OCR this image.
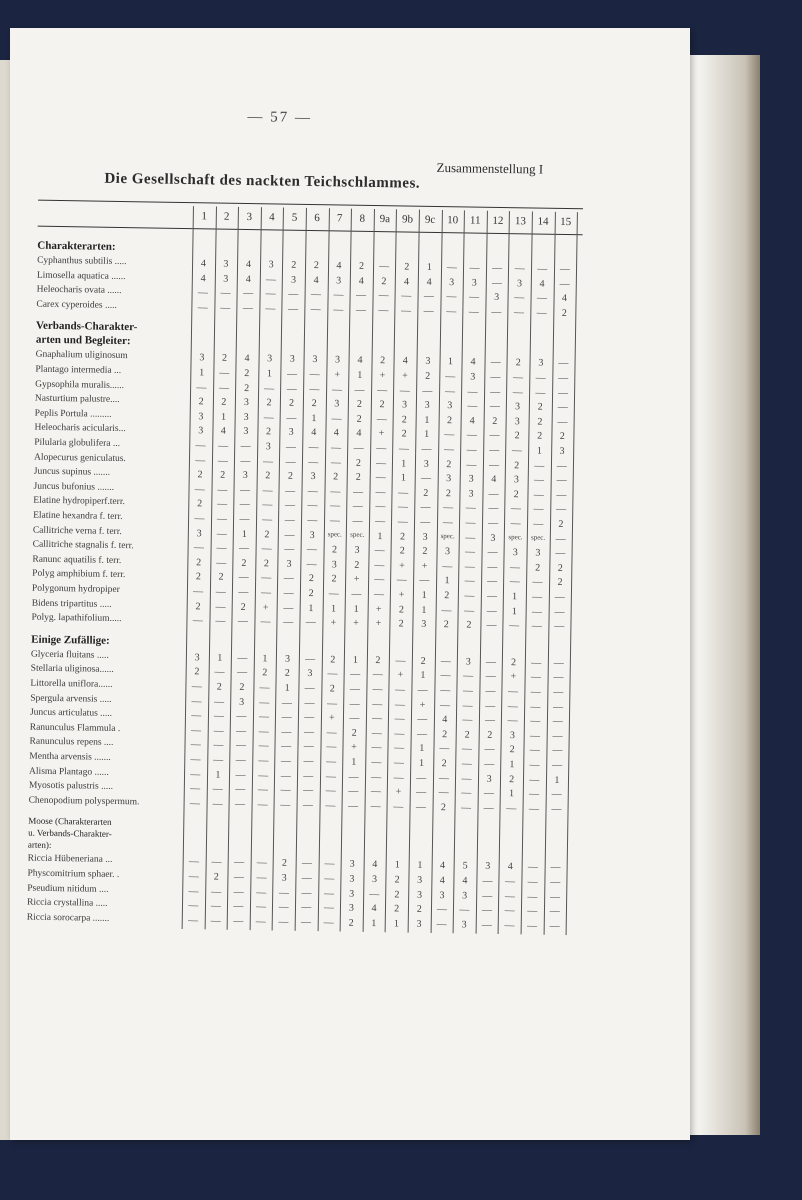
— 57 —
Zusammenstellung I
Die Gesellschaft des nackten Teichschlammes.
1	2	3	4	5	6	7	8	9a	9b	9c	10	11	12	13	14	15
Charakterarten:
Cyphanthus subtilis .....	4	3	4	3	2	2	4	2	—	2	1	—	—	—	—	—	—
Limosella aquatica ......	4	3	4	—	3	4	3	4	2	4	4	3	3	—	3	4	—
Heleocharis ovata ......	—	—	—	—	—	—	—	—	—	—	—	—	—	3	—	—	4
Carex cyperoides .....	—	—	—	—	—	—	—	—	—	—	—	—	—	—	—	—	2
Verbands-Charakter-
arten und Begleiter:
Gnaphalium uliginosum	3	2	4	3	3	3	3	4	2	4	3	1	4	—	2	3	—
Plantago intermedia ...	1	—	2	1	—	—	+	1	+	+	2	—	3	—	—	—	—
Gypsophila muralis......	—	—	2	—	—	—	—	—	—	—	—	—	—	—	—	—	—
Nasturtium palustre....	2	2	3	2	2	2	3	2	2	3	3	3	—	—	3	2	—
Peplis Portula .........	3	1	3	—	—	1	—	2	—	2	1	2	4	2	3	2	—
Heleocharis acicularis...	3	4	3	2	3	4	4	4	+	2	1	—	—	—	2	2	2
Pilularia globulifera ...	—	—	—	3	—	—	—	—	—	—	—	—	—	—	—	1	3
Alopecurus geniculatus.	—	—	—	—	—	—	—	2	—	1	3	2	—	—	2	—	—
Juncus supinus .......	2	2	3	2	2	3	2	2	—	1	—	3	3	4	3	—	—
Juncus bufonius .......	—	—	—	—	—	—	—	—	—	—	2	2	3	—	2	—	—
Elatine hydropiperf.terr.	2	—	—	—	—	—	—	—	—	—	—	—	—	—	—	—	—
Elatine hexandra f. terr.	—	—	—	—	—	—	—	—	—	—	—	—	—	—	—	—	2
Callitriche verna f. terr.	3	—	1	2	—	3	spec.	spec.	1	2	3	spec.	—	3	spec.	spec.	—
Callitriche stagnalis f. terr.	—	—	—	—	—	—	2	3	—	2	2	3	—	—	3	3	—
Ranunc aquatilis f. terr.	2	—	2	2	3	—	3	2	—	+	+	—	—	—	—	2	2
Polyg amphibium f. terr.	2	2	—	—	—	2	2	+	—	—	—	1	—	—	—	—	2
Polygonum hydropiper	—	—	—	—	—	2	—	—	—	+	1	2	—	—	1	—	—
Bidens tripartitus .....	2	—	2	+	—	1	1	1	+	2	1	—	—	—	1	—	—
Polyg. lapathifolium.....	—	—	—	—	—	—	+	+	+	2	3	2	2	—	—	—	—
Einige Zufällige:
Glyceria fluitans .....	3	1	—	1	3	—	2	1	2	—	2	—	3	—	2	—	—
Stellaria uliginosa......	2	—	—	2	2	3	—	—	—	+	1	—	—	—	+	—	—
Littorella uniflora......	—	2	2	—	1	—	2	—	—	—	—	—	—	—	—	—	—
Spergula arvensis .....	—	—	3	—	—	—	—	—	—	—	+	—	—	—	—	—	—
Juncus articulatus .....	—	—	—	—	—	—	+	—	—	—	—	4	—	—	—	—	—
Ranunculus Flammula .	—	—	—	—	—	—	—	2	—	—	—	2	2	2	3	—	—
Ranunculus repens ....	—	—	—	—	—	—	—	+	—	—	1	—	—	—	2	—	—
Mentha arvensis .......	—	—	—	—	—	—	—	1	—	—	1	2	—	—	1	—	—
Alisma Plantago ......	—	1	—	—	—	—	—	—	—	—	—	—	—	3	2	—	1
Myosotis palustris .....	—	—	—	—	—	—	—	—	—	+	—	—	—	—	1	—	—
Chenopodium polyspermum.	—	—	—	—	—	—	—	—	—	—	—	2	—	—	—	—	—
Moose (Charakterarten
u. Verbands-Charakter-
arten):
Riccia Hübeneriana ...	—	—	—	—	2	—	—	3	4	1	1	4	5	3	4	—	—
Physcomitrium sphaer. .	—	2	—	—	3	—	—	3	3	2	3	4	4	—	—	—	—
Pseudium nitidum ....	—	—	—	—	—	—	—	3	—	2	3	3	3	—	—	—	—
Riccia crystallina .....	—	—	—	—	—	—	—	3	4	2	2	—	—	—	—	—	—
Riccia sorocarpa .......	—	—	—	—	—	—	—	2	1	1	3	—	3	—	—	—	—
